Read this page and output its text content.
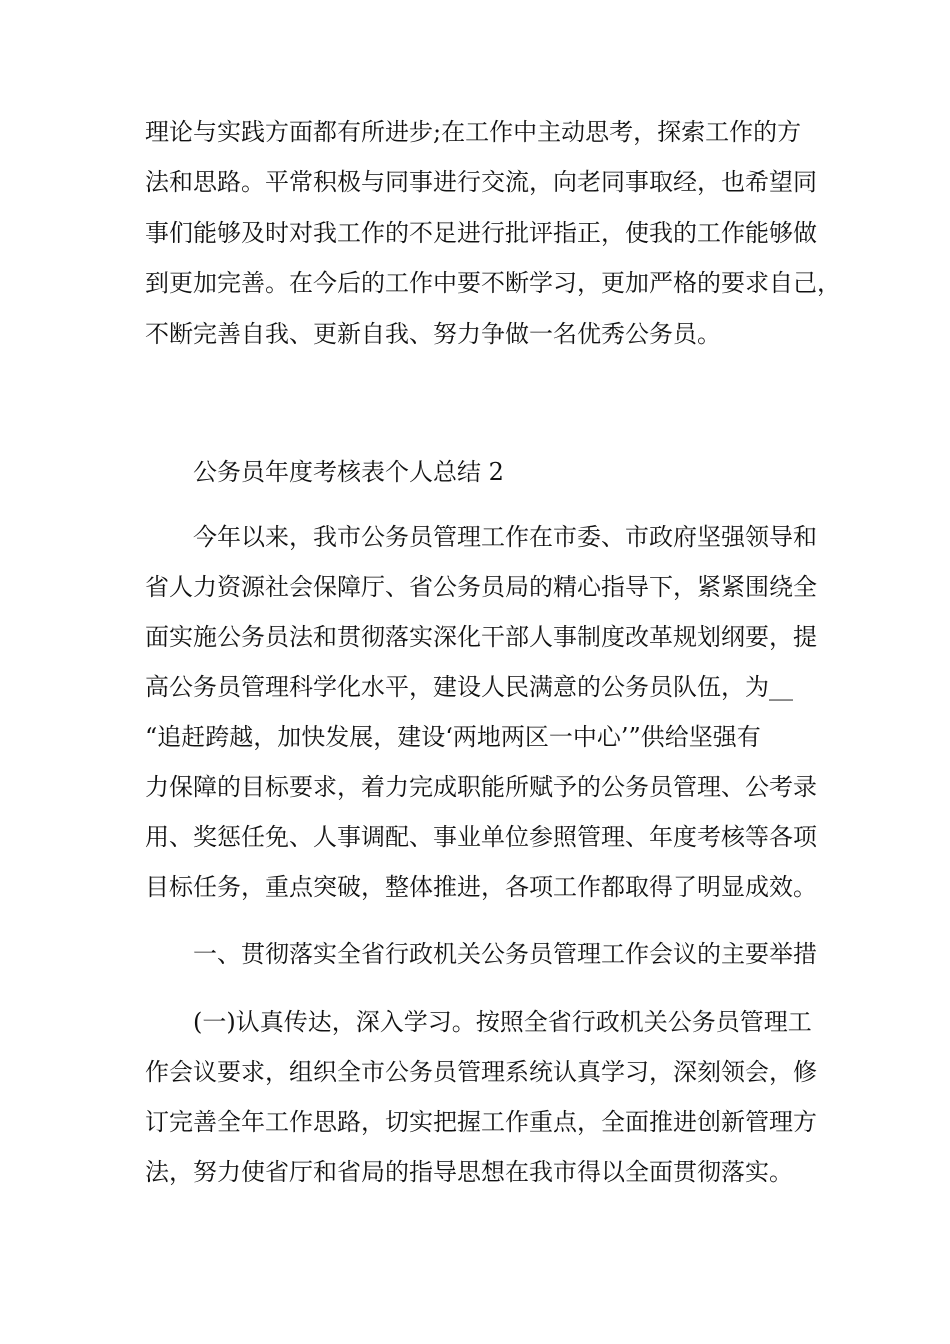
理论与实践方面都有所进步;在工作中主动思考，探索工作的方
法和思路。平常积极与同事进行交流，向老同事取经，也希望同
事们能够及时对我工作的不足进行批评指正，使我的工作能够做
到更加完善。在今后的工作中要不断学习，更加严格的要求自己，
不断完善自我、更新自我、努力争做一名优秀公务员。
公务员年度考核表个人总结 2
今年以来，我市公务员管理工作在市委、市政府坚强领导和
省人力资源社会保障厅、省公务员局的精心指导下，紧紧围绕全
面实施公务员法和贯彻落实深化干部人事制度改革规划纲要，提
高公务员管理科学化水平，建设人民满意的公务员队伍，为__
“追赶跨越，加快发展，建设‘两地两区一中心’”供给坚强有
力保障的目标要求，着力完成职能所赋予的公务员管理、公考录
用、奖惩任免、人事调配、事业单位参照管理、年度考核等各项
目标任务，重点突破，整体推进，各项工作都取得了明显成效。
一、贯彻落实全省行政机关公务员管理工作会议的主要举措
(一)认真传达，深入学习。按照全省行政机关公务员管理工
作会议要求，组织全市公务员管理系统认真学习，深刻领会，修
订完善全年工作思路，切实把握工作重点，全面推进创新管理方
法，努力使省厅和省局的指导思想在我市得以全面贯彻落实。
